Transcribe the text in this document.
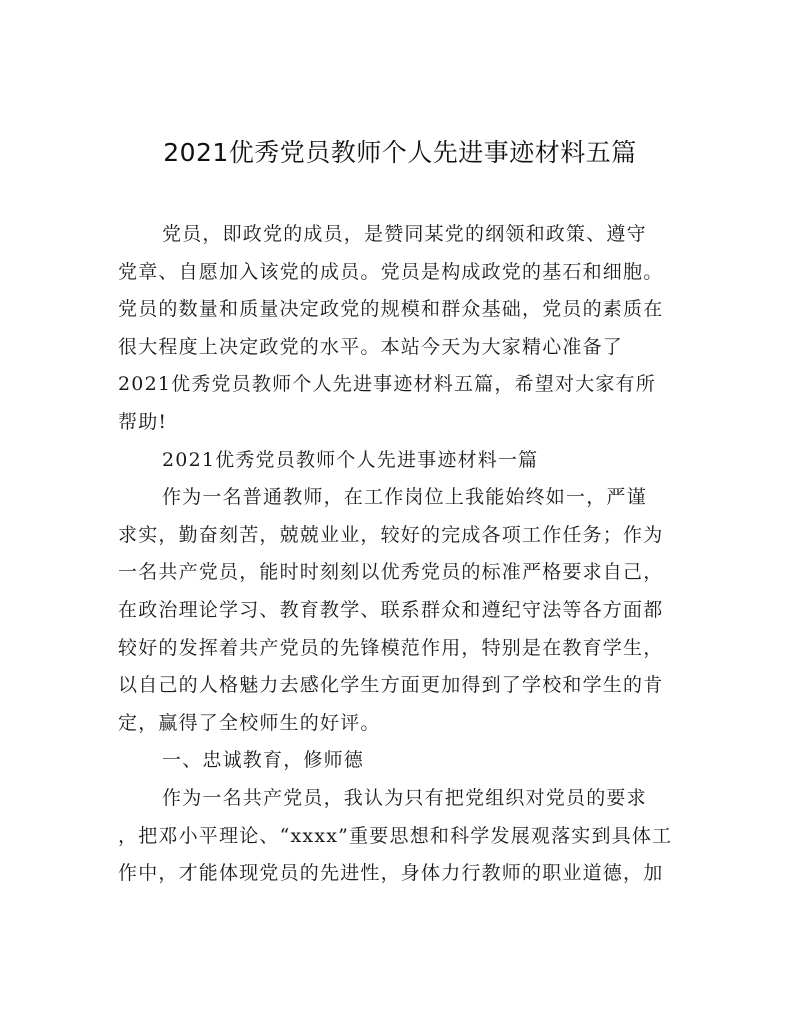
2021优秀党员教师个人先进事迹材料五篇
党员，即政党的成员，是赞同某党的纲领和政策、遵守
党章、自愿加入该党的成员。党员是构成政党的基石和细胞。
党员的数量和质量决定政党的规模和群众基础，党员的素质在
很大程度上决定政党的水平。本站今天为大家精心准备了
2021优秀党员教师个人先进事迹材料五篇，希望对大家有所
帮助!
2021优秀党员教师个人先进事迹材料一篇
作为一名普通教师，在工作岗位上我能始终如一，严谨
求实，勤奋刻苦，兢兢业业，较好的完成各项工作任务；作为
一名共产党员，能时时刻刻以优秀党员的标准严格要求自己，
在政治理论学习、教育教学、联系群众和遵纪守法等各方面都
较好的发挥着共产党员的先锋模范作用，特别是在教育学生，
以自己的人格魅力去感化学生方面更加得到了学校和学生的肯
定，赢得了全校师生的好评。
一、忠诚教育，修师德
作为一名共产党员，我认为只有把党组织对党员的要求
，把邓小平理论、“xxxx”重要思想和科学发展观落实到具体工
作中，才能体现党员的先进性，身体力行教师的职业道德，加
